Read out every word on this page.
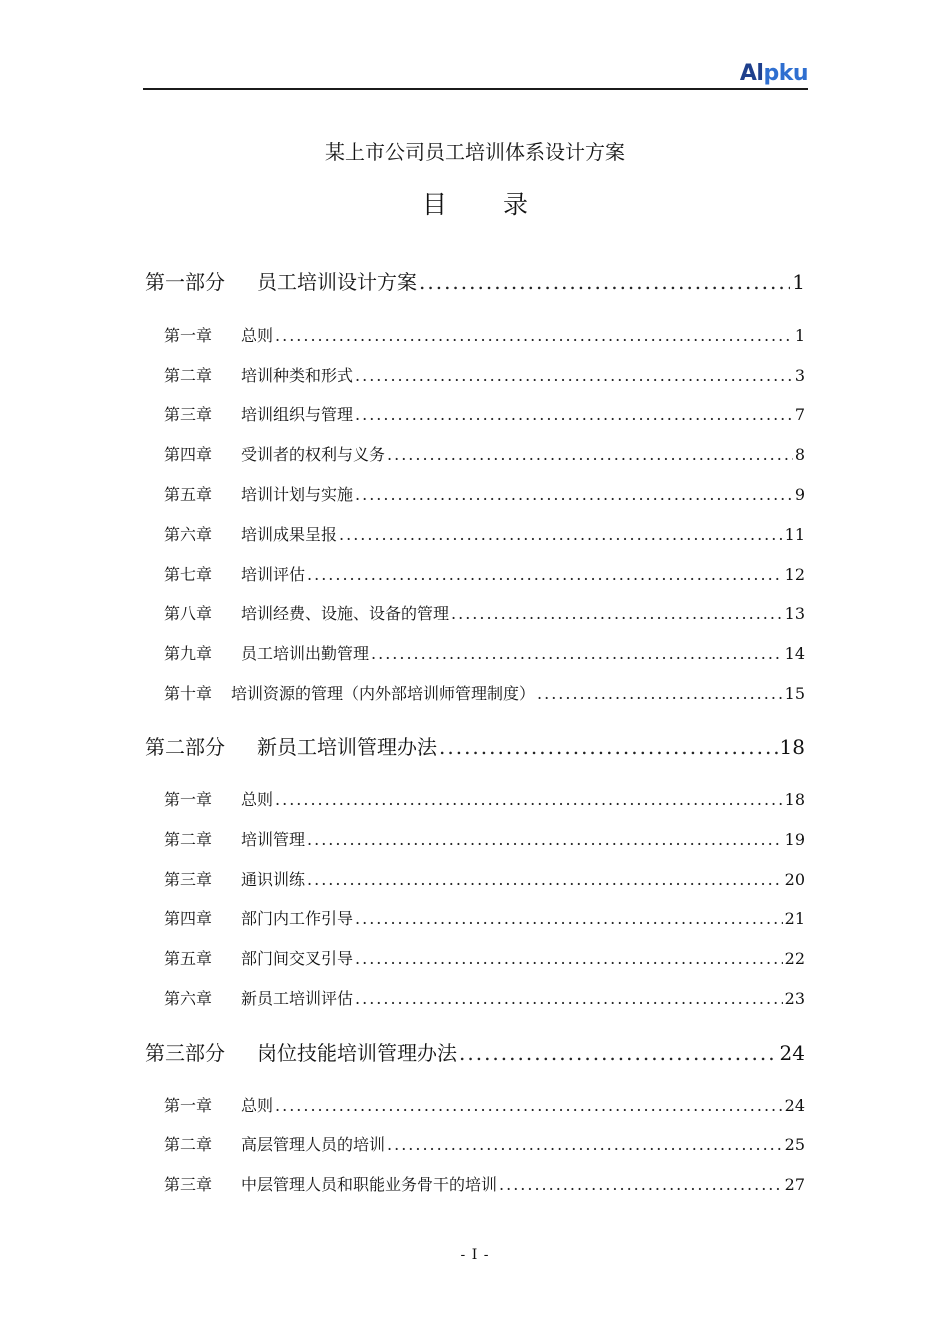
Alpku
某上市公司员工培训体系设计方案
目 录
第一部分	员工培训设计方案 .....	1
第一章	总则 .....	1
第二章	培训种类和形式 .....	3
第三章	培训组织与管理 .....	7
第四章	受训者的权利与义务 .....	8
第五章	培训计划与实施 .....	9
第六章	培训成果呈报 .....	11
第七章	培训评估 .....	12
第八章	培训经费、设施、设备的管理 .....	13
第九章	员工培训出勤管理 .....	14
第十章	培训资源的管理（内外部培训师管理制度） .....	15
第二部分	新员工培训管理办法 .....	18
第一章	总则 .....	18
第二章	培训管理 .....	19
第三章	通识训练 .....	20
第四章	部门内工作引导 .....	21
第五章	部门间交叉引导 .....	22
第六章	新员工培训评估 .....	23
第三部分	岗位技能培训管理办法 .....	24
第一章	总则 .....	24
第二章	高层管理人员的培训 .....	25
第三章	中层管理人员和职能业务骨干的培训 .....	27
- I -
